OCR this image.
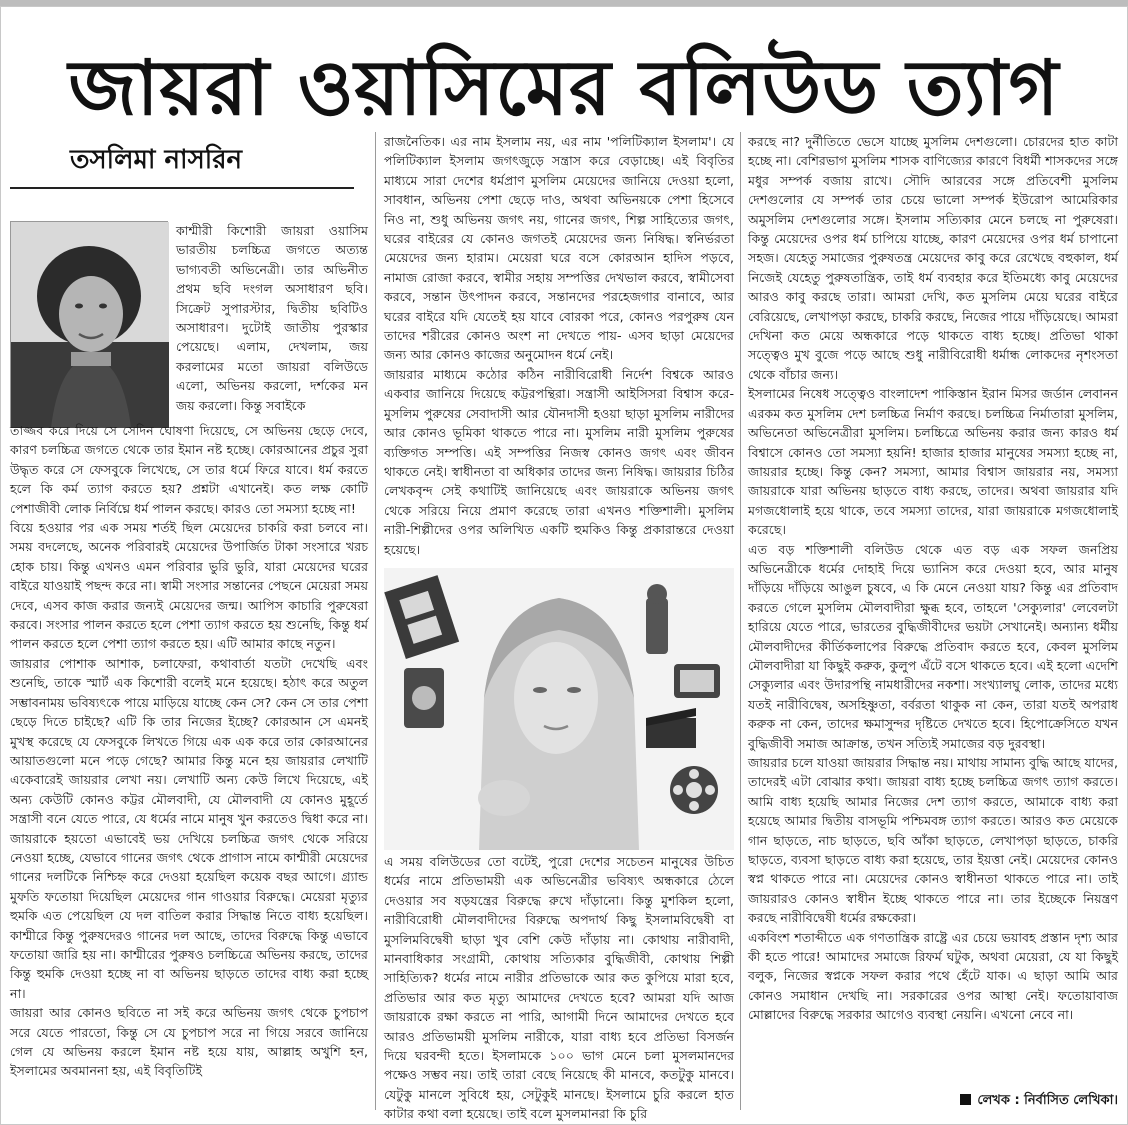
জায়রা ওয়াসিমের বলিউড ত্যাগ
তসলিমা নাসরিন

কাশ্মীরী কিশোরী জায়রা ওয়াসিম ভারতীয় চলচ্চিত্র জগতে অত্যন্ত ভাগ্যবতী অভিনেত্রী। তার অভিনীত প্রথম ছবি দংগল অসাধারণ ছবি। সিক্রেট সুপারস্টার, দ্বিতীয় ছবিটিও অসাধারণ। দুটোই জাতীয় পুরস্কার পেয়েছে। এলাম, দেখলাম, জয় করলামের মতো জায়রা বলিউডে এলো, অভিনয় করলো, দর্শকের মন জয় করলো। কিন্তু সবাইকে

তাজ্জব করে দিয়ে সে সেদিন ঘোষণা দিয়েছে, সে অভিনয় ছেড়ে দেবে, কারণ চলচ্চিত্র জগতে থেকে তার ইমান নষ্ট হচ্ছে। কোরআনের প্রচুর সুরা উদ্ধৃত করে সে ফেসবুকে লিখেছে, সে তার ধর্মে ফিরে যাবে। ধর্ম করতে হলে কি কর্ম ত্যাগ করতে হয়? প্রশ্নটা এখানেই। কত লক্ষ কোটি পেশাজীবী লোক নির্বিঘ্নে ধর্ম পালন করছে। কারও তো সমস্যা হচ্ছে না!

বিয়ে হওয়ার পর এক সময় শর্তই ছিল মেয়েদের চাকরি করা চলবে না। সময় বদলেছে, অনেক পরিবারই মেয়েদের উপার্জিত টাকা সংসারে খরচ হোক চায়। কিন্তু এখনও এমন পরিবার ভুরি ভুরি, যারা মেয়েদের ঘরের বাইরে যাওয়াই পছন্দ করে না। স্বামী সংসার সন্তানের পেছনে মেয়েরা সময় দেবে, এসব কাজ করার জন্যই মেয়েদের জন্ম। আপিস কাচারি পুরুষেরা করবে। সংসার পালন করতে হলে পেশা ত্যাগ করতে হয় শুনেছি, কিন্তু ধর্ম পালন করতে হলে পেশা ত্যাগ করতে হয়। এটি আমার কাছে নতুন।

জায়রার পোশাক আশাক, চলাফেরা, কথাবার্তা যতটা দেখেছি এবং শুনেছি, তাকে স্মার্ট এক কিশোরী বলেই মনে হয়েছে। হঠাৎ করে অতুল সম্ভাবনাময় ভবিষ্যৎকে পায়ে মাড়িয়ে যাচ্ছে কেন সে? কেন সে তার পেশা ছেড়ে দিতে চাইছে? এটি কি তার নিজের ইচ্ছে? কোরআন সে এমনই মুখস্থ করেছে যে ফেসবুকে লিখতে গিয়ে এক এক করে তার কোরআনের আয়াতগুলো মনে পড়ে গেছে? আমার কিন্তু মনে হয় জায়রার লেখাটি একেবারেই জায়রার লেখা নয়। লেখাটি অন্য কেউ লিখে দিয়েছে, এই অন্য কেউটি কোনও কট্টর মৌলবাদী, যে মৌলবাদী যে কোনও মুহূর্তে সন্ত্রাসী বনে যেতে পারে, যে ধর্মের নামে মানুষ খুন করতেও দ্বিধা করে না। জায়রাকে হয়তো এভাবেই ভয় দেখিয়ে চলচ্চিত্র জগৎ থেকে সরিয়ে নেওয়া হচ্ছে, যেভাবে গানের জগৎ থেকে প্রাগাস নামে কাশ্মীরী মেয়েদের গানের দলটিকে নিশ্চিহ্ন করে দেওয়া হয়েছিল কয়েক বছর আগে। গ্র্যান্ড মুফতি ফতোয়া দিয়েছিল মেয়েদের গান গাওয়ার বিরুদ্ধে। মেয়েরা মৃত্যুর হুমকি এত পেয়েছিল যে দল বাতিল করার সিদ্ধান্ত নিতে বাধ্য হয়েছিল। কাশ্মীরে কিন্তু পুরুষদেরও গানের দল আছে, তাদের বিরুদ্ধে কিন্তু এভাবে ফতোয়া জারি হয় না। কাশ্মীরের পুরুষও চলচ্চিত্রে অভিনয় করছে, তাদের কিন্তু হুমকি দেওয়া হচ্ছে না বা অভিনয় ছাড়তে তাদের বাধ্য করা হচ্ছে না।

জায়রা আর কোনও ছবিতে না সই করে অভিনয় জগৎ থেকে চুপচাপ সরে যেতে পারতো, কিন্তু সে যে চুপচাপ সরে না গিয়ে সরবে জানিয়ে গেল যে অভিনয় করলে ইমান নষ্ট হয়ে যায়, আল্লাহ অখুশি হন, ইসলামের অবমাননা হয়, এই বিবৃতিটিই

রাজনৈতিক। এর নাম ইসলাম নয়, এর নাম 'পলিটিক্যাল ইসলাম'। যে পলিটিক্যাল ইসলাম জগৎজুড়ে সন্ত্রাস করে বেড়াচ্ছে। এই বিবৃতির মাধ্যমে সারা দেশের ধর্মপ্রাণ মুসলিম মেয়েদের জানিয়ে দেওয়া হলো, সাবধান, অভিনয় পেশা ছেড়ে দাও, অথবা অভিনয়কে পেশা হিসেবে নিও না, শুধু অভিনয় জগৎ নয়, গানের জগৎ, শিল্প সাহিত্যের জগৎ, ঘরের বাইরের যে কোনও জগতই মেয়েদের জন্য নিষিদ্ধ। স্বনির্ভরতা মেয়েদের জন্য হারাম। মেয়েরা ঘরে বসে কোরআন হাদিস পড়বে, নামাজ রোজা করবে, স্বামীর সহায় সম্পত্তির দেখভাল করবে, স্বামীসেবা করবে, সন্তান উৎপাদন করবে, সন্তানদের পরহেজগার বানাবে, আর ঘরের বাইরে যদি যেতেই হয় যাবে বোরকা পরে, কোনও পরপুরুষ যেন তাদের শরীরের কোনও অংশ না দেখতে পায়- এসব ছাড়া মেয়েদের জন্য আর কোনও কাজের অনুমোদন ধর্মে নেই।

জায়রার মাধ্যমে কঠোর কঠিন নারীবিরোধী নির্দেশ বিশ্বকে আরও একবার জানিয়ে দিয়েছে কট্টরপন্থিরা। সন্ত্রাসী আইসিসরা বিশ্বাস করে- মুসলিম পুরুষের সেবাদাসী আর যৌনদাসী হওয়া ছাড়া মুসলিম নারীদের আর কোনও ভূমিকা থাকতে পারে না। মুসলিম নারী মুসলিম পুরুষের ব্যক্তিগত সম্পত্তি। এই সম্পত্তির নিজস্ব কোনও জগৎ এবং জীবন থাকতে নেই। স্বাধীনতা বা অধিকার তাদের জন্য নিষিদ্ধ। জায়রার চিঠির লেখকবৃন্দ সেই কথাটিই জানিয়েছে এবং জায়রাকে অভিনয় জগৎ থেকে সরিয়ে নিয়ে প্রমাণ করেছে তারা এখনও শক্তিশালী। মুসলিম নারী-শিল্পীদের ওপর অলিখিত একটি হুমকিও কিন্তু প্রকারান্তরে দেওয়া হয়েছে।

এ সময় বলিউডের তো বটেই, পুরো দেশের সচেতন মানুষের উচিত ধর্মের নামে প্রতিভাময়ী এক অভিনেত্রীর ভবিষ্যৎ অন্ধকারে ঠেলে দেওয়ার সব ষড়যন্ত্রের বিরুদ্ধে রুখে দাঁড়ানো। কিন্তু মুশকিল হলো, নারীবিরোধী মৌলবাদীদের বিরুদ্ধে অপদার্থ কিছু ইসলামবিদ্বেষী বা মুসলিমবিদ্বেষী ছাড়া খুব বেশি কেউ দাঁড়ায় না। কোথায় নারীবাদী, মানবাধিকার সংগ্রামী, কোথায় সত্যিকার বুদ্ধিজীবী, কোথায় শিল্পী সাহিত্যিক? ধর্মের নামে নারীর প্রতিভাকে আর কত কুপিয়ে মারা হবে, প্রতিভার আর কত মৃত্যু আমাদের দেখতে হবে? আমরা যদি আজ জায়রাকে রক্ষা করতে না পারি, আগামী দিনে আমাদের দেখতে হবে আরও প্রতিভাময়ী মুসলিম নারীকে, যারা বাধ্য হবে প্রতিভা বিসর্জন দিয়ে ঘরবন্দী হতে। ইসলামকে ১০০ ভাগ মেনে চলা মুসলমানদের পক্ষেও সম্ভব নয়। তাই তারা বেছে নিয়েছে কী মানবে, কতটুকু মানবে। যেটুকু মানলে সুবিধে হয়, সেটুকুই মানছে। ইসলামে চুরি করলে হাত কাটার কথা বলা হয়েছে। তাই বলে মুসলমানরা কি চুরি

করছে না? দুর্নীতিতে ভেসে যাচ্ছে মুসলিম দেশগুলো। চোরদের হাত কাটা হচ্ছে না। বেশিরভাগ মুসলিম শাসক বাণিজ্যের কারণে বিধর্মী শাসকদের সঙ্গে মধুর সম্পর্ক বজায় রাখে। সৌদি আরবের সঙ্গে প্রতিবেশী মুসলিম দেশগুলোর যে সম্পর্ক তার চেয়ে ভালো সম্পর্ক ইউরোপ আমেরিকার অমুসলিম দেশগুলোর সঙ্গে। ইসলাম সত্যিকার মেনে চলছে না পুরুষেরা। কিন্তু মেয়েদের ওপর ধর্ম চাপিয়ে যাচ্ছে, কারণ মেয়েদের ওপর ধর্ম চাপানো সহজ। যেহেতু সমাজের পুরুষতন্ত্র মেয়েদের কাবু করে রেখেছে বহুকাল, ধর্ম নিজেই যেহেতু পুরুষতান্ত্রিক, তাই ধর্ম ব্যবহার করে ইতিমধ্যে কাবু মেয়েদের আরও কাবু করছে তারা। আমরা দেখি, কত মুসলিম মেয়ে ঘরের বাইরে বেরিয়েছে, লেখাপড়া করছে, চাকরি করছে, নিজের পায়ে দাঁড়িয়েছে। আমরা দেখিনা কত মেয়ে অন্ধকারে পড়ে থাকতে বাধ্য হচ্ছে। প্রতিভা থাকা সত্ত্বেও মুখ বুজে পড়ে আছে শুধু নারীবিরোধী ধর্মান্ধ লোকদের নৃশংসতা থেকে বাঁচার জন্য।

ইসলামের নিষেধ সত্ত্বেও বাংলাদেশ পাকিস্তান ইরান মিসর জর্ডান লেবানন এরকম কত মুসলিম দেশ চলচ্চিত্র নির্মাণ করছে। চলচ্চিত্র নির্মাতারা মুসলিম, অভিনেতা অভিনেত্রীরা মুসলিম। চলচ্চিত্রে অভিনয় করার জন্য কারও ধর্ম বিশ্বাসে কোনও তো সমস্যা হয়নি! হাজার হাজার মানুষের সমস্যা হচ্ছে না, জায়রার হচ্ছে। কিন্তু কেন? সমস্যা, আমার বিশ্বাস জায়রার নয়, সমস্যা জায়রাকে যারা অভিনয় ছাড়তে বাধ্য করছে, তাদের। অথবা জায়রার যদি মগজধোলাই হয়ে থাকে, তবে সমস্যা তাদের, যারা জায়রাকে মগজধোলাই করেছে।

এত বড় শক্তিশালী বলিউড থেকে এত বড় এক সফল জনপ্রিয় অভিনেত্রীকে ধর্মের দোহাই দিয়ে ভ্যানিস করে দেওয়া হবে, আর মানুষ দাঁড়িয়ে দাঁড়িয়ে আঙুল চুষবে, এ কি মেনে নেওয়া যায়? কিন্তু এর প্রতিবাদ করতে গেলে মুসলিম মৌলবাদীরা ক্ষুব্ধ হবে, তাহলে 'সেক্যুলার' লেবেলটা হারিয়ে যেতে পারে, ভারতের বুদ্ধিজীবীদের ভয়টা সেখানেই। অন্যান্য ধর্মীয় মৌলবাদীদের কীর্তিকলাপের বিরুদ্ধে প্রতিবাদ করতে হবে, কেবল মুসলিম মৌলবাদীরা যা কিছুই করুক, কুলুপ এঁটে বসে থাকতে হবে। এই হলো এদেশি সেক্যুলার এবং উদারপন্থি নামধারীদের নকশা। সংখ্যালঘু লোক, তাদের মধ্যে যতই নারীবিদ্বেষ, অসহিষ্ণুতা, বর্বরতা থাকুক না কেন, তারা যতই অপরাধ করুক না কেন, তাদের ক্ষমাসুন্দর দৃষ্টিতে দেখতে হবে। হিপোক্রেসিতে যখন বুদ্ধিজীবী সমাজ আক্রান্ত, তখন সত্যিই সমাজের বড় দুরবস্থা।

জায়রার চলে যাওয়া জায়রার সিদ্ধান্ত নয়। মাথায় সামান্য বুদ্ধি আছে যাদের, তাদেরই এটা বোঝার কথা। জায়রা বাধ্য হচ্ছে চলচ্চিত্র জগৎ ত্যাগ করতে। আমি বাধ্য হয়েছি আমার নিজের দেশ ত্যাগ করতে, আমাকে বাধ্য করা হয়েছে আমার দ্বিতীয় বাসভূমি পশ্চিমবঙ্গ ত্যাগ করতে। আরও কত মেয়েকে গান ছাড়তে, নাচ ছাড়তে, ছবি আঁকা ছাড়তে, লেখাপড়া ছাড়তে, চাকরি ছাড়তে, ব্যবসা ছাড়তে বাধ্য করা হয়েছে, তার ইয়ত্তা নেই। মেয়েদের কোনও স্বপ্ন থাকতে পারে না। মেয়েদের কোনও স্বাধীনতা থাকতে পারে না। তাই জায়রারও কোনও স্বাধীন ইচ্ছে থাকতে পারে না। তার ইচ্ছেকে নিয়ন্ত্রণ করছে নারীবিদ্বেষী ধর্মের রক্ষকেরা।

একবিংশ শতাব্দীতে এক গণতান্ত্রিক রাষ্ট্রে এর চেয়ে ভয়াবহ প্রস্তান দৃশ্য আর কী হতে পারে! আমাদের সমাজে রিফর্ম ঘটুক, অথবা মেয়েরা, যে যা কিছুই বলুক, নিজের স্বপ্নকে সফল করার পথে হেঁটে যাক। এ ছাড়া আমি আর কোনও সমাধান দেখছি না। সরকারের ওপর আস্থা নেই। ফতোয়াবাজ মোল্লাদের বিরুদ্ধে সরকার আগেও ব্যবস্থা নেয়নি। এখনো নেবে না।

লেখক : নির্বাসিত লেখিকা।
